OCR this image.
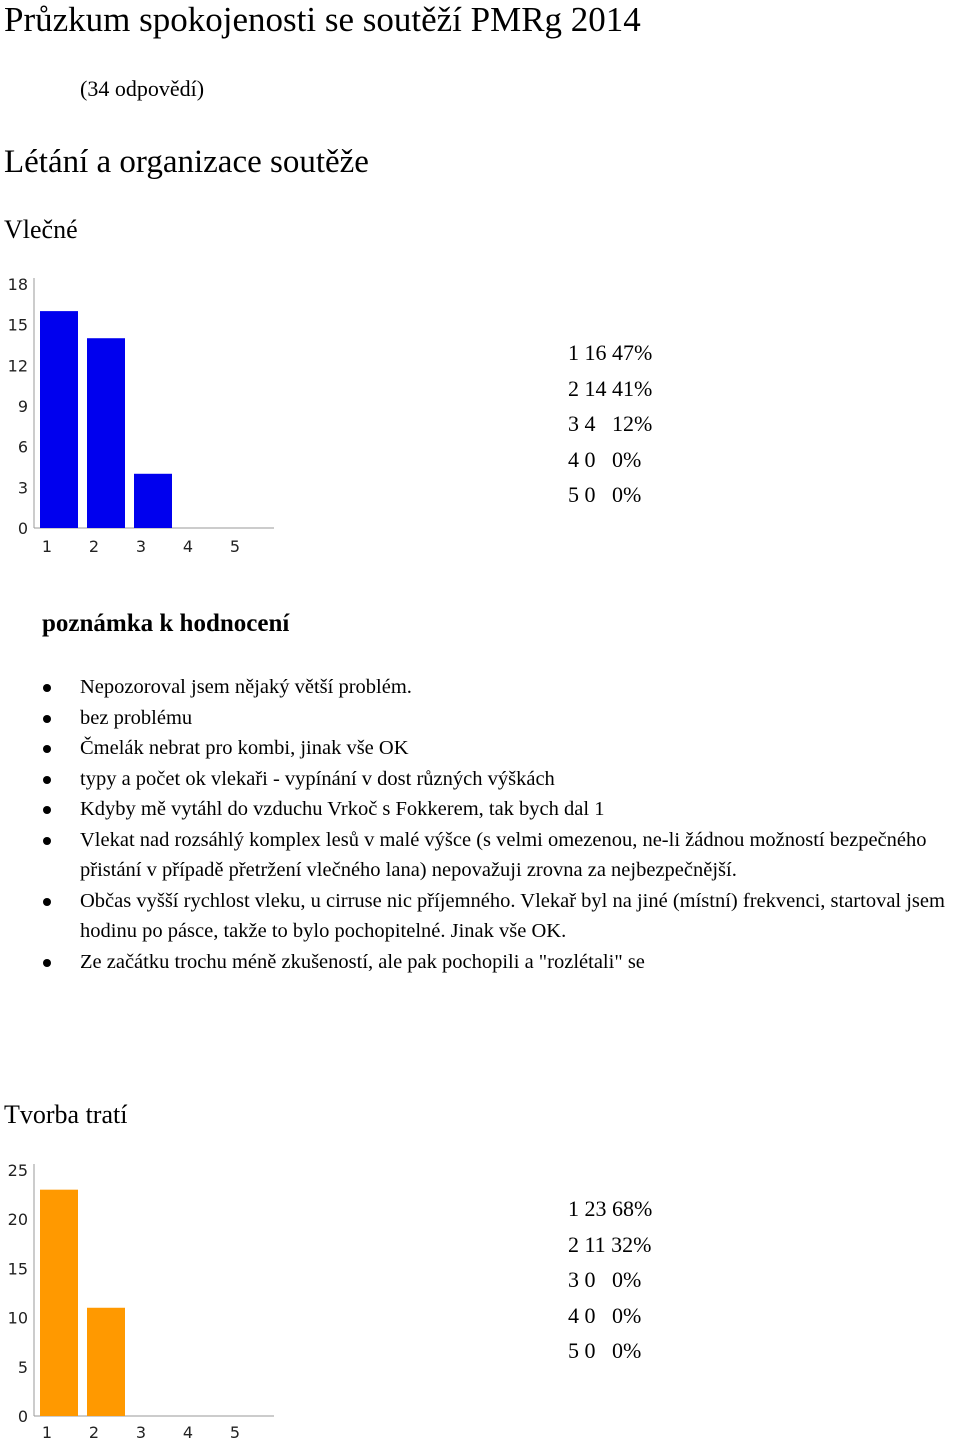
Průzkum spokojenosti se soutěží PMRg 2014
(34 odpovědí)
Létání a organizace soutěže
Vlečné
0
3
6
9
12
15
18
1 2 3 4 5
1 16 47%
2 14 41%
3 4   12%
4 0   0%
5 0   0%
poznámka k hodnocení
Nepozoroval jsem nějaký větší problém.
bez problému
Čmelák nebrat pro kombi, jinak vše OK
typy a počet ok vlekaři - vypínání v dost různých výškách
Kdyby mě vytáhl do vzduchu Vrkoč s Fokkerem, tak bych dal 1
Vlekat nad rozsáhlý komplex lesů v malé výšce (s velmi omezenou, ne-li žádnou možností bezpečného přistání v případě přetržení vlečného lana) nepovažuji zrovna za nejbezpečnější.
Občas vyšší rychlost vleku, u cirruse nic příjemného. Vlekař byl na jiné (místní) frekvenci, startoval jsem hodinu po pásce, takže to bylo pochopitelné. Jinak vše OK.
Ze začátku trochu méně zkušeností, ale pak pochopili a "rozlétali" se
Tvorba tratí
0
5
10
15
20
25
1 2 3 4 5
1 23 68%
2 11 32%
3 0   0%
4 0   0%
5 0   0%
